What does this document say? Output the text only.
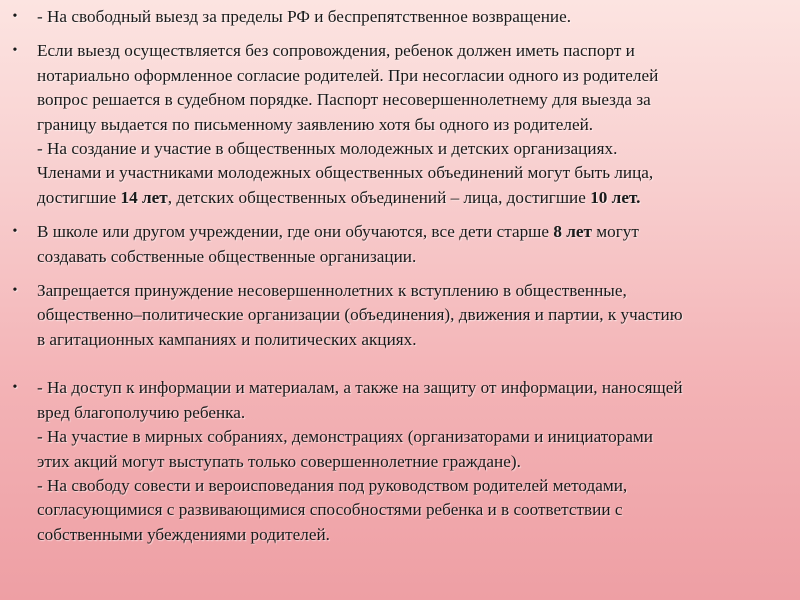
• - На свободный выезд за пределы РФ и беспрепятственное возвращение.
• Если выезд осуществляется без сопровождения, ребенок должен иметь паспорт и
нотариально оформленное согласие родителей. При несогласии одного из родителей
вопрос решается в судебном порядке. Паспорт несовершеннолетнему для выезда за
границу выдается по письменному заявлению хотя бы одного из родителей.
- На создание и участие в общественных молодежных и детских организациях.
Членами и участниками молодежных общественных объединений могут быть лица,
достигшие 14 лет, детских общественных объединений – лица, достигшие 10 лет.
• В школе или другом учреждении, где они обучаются, все дети старше 8 лет могут
создавать собственные общественные организации.
• Запрещается принуждение несовершеннолетних к вступлению в общественные,
общественно–политические организации (объединения), движения и партии, к участию
в агитационных кампаниях и политических акциях.
• - На доступ к информации и материалам, а также на защиту от информации, наносящей
вред благополучию ребенка.
- На участие в мирных собраниях, демонстрациях (организаторами и инициаторами
этих акций могут выступать только совершеннолетние граждане).
- На свободу совести и вероисповедания под руководством родителей методами,
согласующимися с развивающимися способностями ребенка и в соответствии с
собственными убеждениями родителей.
